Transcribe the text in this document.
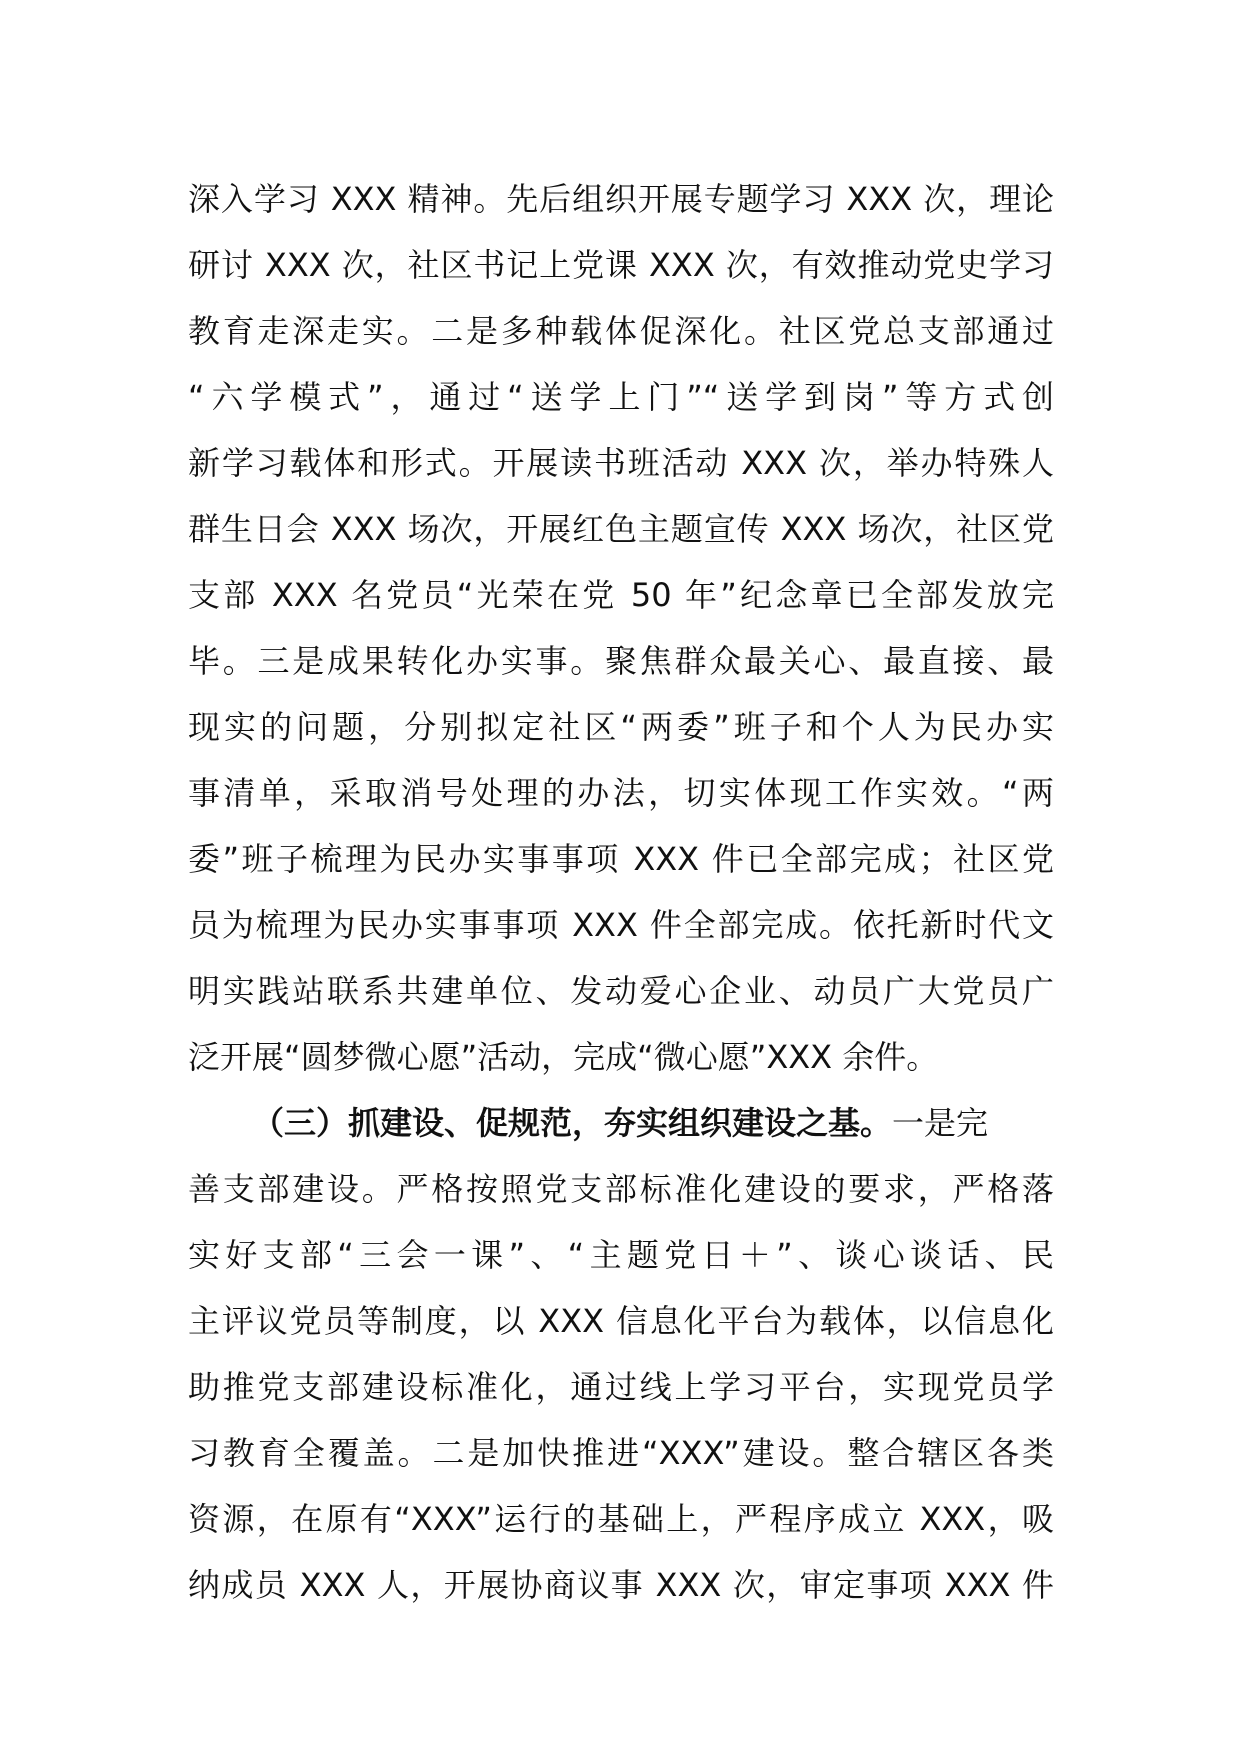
深入学习 XXX 精神。先后组织开展专题学习 XXX 次，理论
研讨 XXX 次，社区书记上党课 XXX 次，有效推动党史学习
教育走深走实。二是多种载体促深化。社区党总支部通过
“六学模式”，通过“送学上门”“送学到岗”等方式创
新学习载体和形式。开展读书班活动 XXX 次，举办特殊人
群生日会 XXX 场次，开展红色主题宣传 XXX 场次，社区党
支部 XXX 名党员“光荣在党 50 年”纪念章已全部发放完
毕。三是成果转化办实事。聚焦群众最关心、最直接、最
现实的问题，分别拟定社区“两委”班子和个人为民办实
事清单，采取消号处理的办法，切实体现工作实效。“两
委”班子梳理为民办实事事项 XXX 件已全部完成；社区党
员为梳理为民办实事事项 XXX 件全部完成。依托新时代文
明实践站联系共建单位、发动爱心企业、动员广大党员广
泛开展“圆梦微心愿”活动，完成“微心愿”XXX 余件。
（三）抓建设、促规范，夯实组织建设之基。一是完
善支部建设。严格按照党支部标准化建设的要求，严格落
实好支部“三会一课”、“主题党日＋”、谈心谈话、民
主评议党员等制度，以 XXX 信息化平台为载体，以信息化
助推党支部建设标准化，通过线上学习平台，实现党员学
习教育全覆盖。二是加快推进“XXX”建设。整合辖区各类
资源，在原有“XXX”运行的基础上，严程序成立 XXX，吸
纳成员 XXX 人，开展协商议事 XXX 次，审定事项 XXX 件
